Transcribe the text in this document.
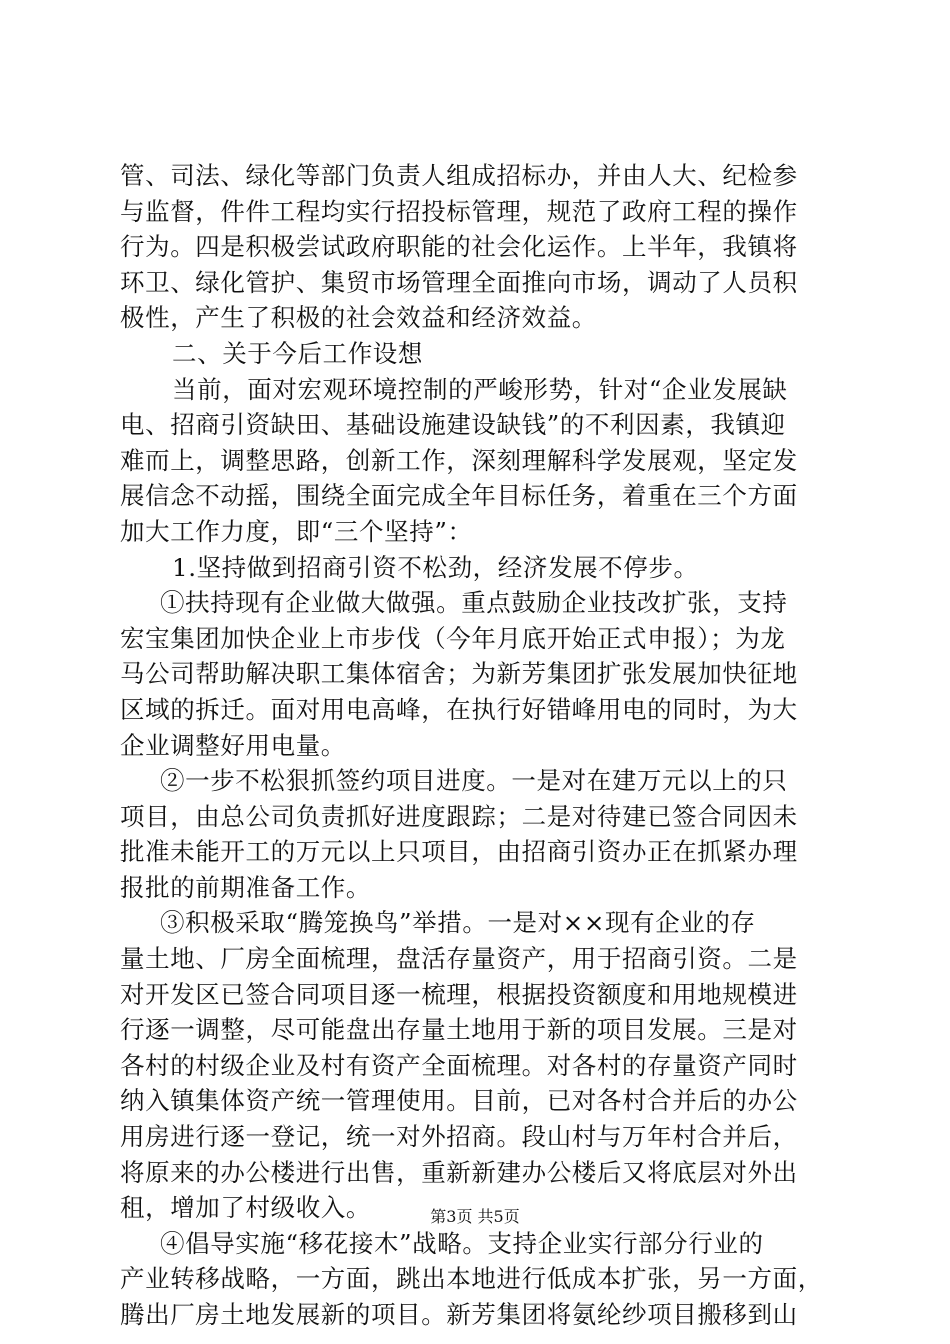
管、司法、绿化等部门负责人组成招标办，并由人大、纪检参
与监督，件件工程均实行招投标管理，规范了政府工程的操作
行为。四是积极尝试政府职能的社会化运作。上半年，我镇将
环卫、绿化管护、集贸市场管理全面推向市场，调动了人员积
极性，产生了积极的社会效益和经济效益。
二、关于今后工作设想
当前，面对宏观环境控制的严峻形势，针对“企业发展缺
电、招商引资缺田、基础设施建设缺钱”的不利因素，我镇迎
难而上，调整思路，创新工作，深刻理解科学发展观，坚定发
展信念不动摇，围绕全面完成全年目标任务，着重在三个方面
加大工作力度，即“三个坚持”：
1.坚持做到招商引资不松劲，经济发展不停步。
①扶持现有企业做大做强。重点鼓励企业技改扩张，支持
宏宝集团加快企业上市步伐（今年月底开始正式申报）；为龙
马公司帮助解决职工集体宿舍；为新芳集团扩张发展加快征地
区域的拆迁。面对用电高峰，在执行好错峰用电的同时，为大
企业调整好用电量。
②一步不松狠抓签约项目进度。一是对在建万元以上的只
项目，由总公司负责抓好进度跟踪；二是对待建已签合同因未
批准未能开工的万元以上只项目，由招商引资办正在抓紧办理
报批的前期准备工作。
③积极采取“腾笼换鸟”举措。一是对××现有企业的存
量土地、厂房全面梳理，盘活存量资产，用于招商引资。二是
对开发区已签合同项目逐一梳理，根据投资额度和用地规模进
行逐一调整，尽可能盘出存量土地用于新的项目发展。三是对
各村的村级企业及村有资产全面梳理。对各村的存量资产同时
纳入镇集体资产统一管理使用。目前，已对各村合并后的办公
用房进行逐一登记，统一对外招商。段山村与万年村合并后，
将原来的办公楼进行出售，重新新建办公楼后又将底层对外出
租，增加了村级收入。
④倡导实施“移花接木”战略。支持企业实行部分行业的
产业转移战略，一方面，跳出本地进行低成本扩张，另一方面，
腾出厂房土地发展新的项目。新芳集团将氨纶纱项目搬移到山
第3页 共5页
